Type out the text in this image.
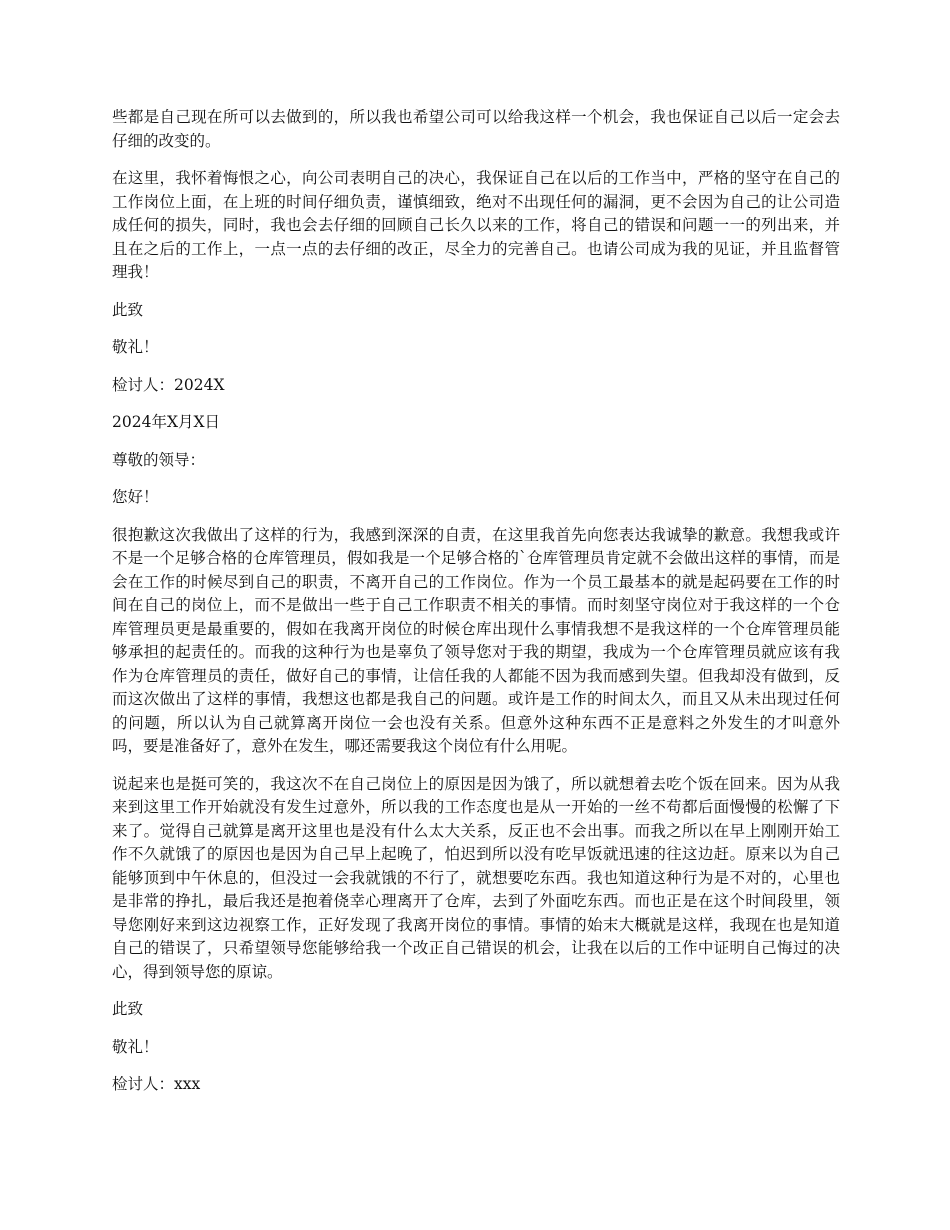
些都是自己现在所可以去做到的，所以我也希望公司可以给我这样一个机会，我也保证自己以后一定会去仔细的改变的。

在这里，我怀着悔恨之心，向公司表明自己的决心，我保证自己在以后的工作当中，严格的坚守在自己的工作岗位上面，在上班的时间仔细负责，谨慎细致，绝对不出现任何的漏洞，更不会因为自己的让公司造成任何的损失，同时，我也会去仔细的回顾自己长久以来的工作，将自己的错误和问题一一的列出来，并且在之后的工作上，一点一点的去仔细的改正，尽全力的完善自己。也请公司成为我的见证，并且监督管理我！

此致

敬礼！

检讨人：2024X

2024年X月X日

尊敬的领导：

您好！

很抱歉这次我做出了这样的行为，我感到深深的自责，在这里我首先向您表达我诚挚的歉意。我想我或许不是一个足够合格的仓库管理员，假如我是一个足够合格的`仓库管理员肯定就不会做出这样的事情，而是会在工作的时候尽到自己的职责，不离开自己的工作岗位。作为一个员工最基本的就是起码要在工作的时间在自己的岗位上，而不是做出一些于自己工作职责不相关的事情。而时刻坚守岗位对于我这样的一个仓库管理员更是最重要的，假如在我离开岗位的时候仓库出现什么事情我想不是我这样的一个仓库管理员能够承担的起责任的。而我的这种行为也是辜负了领导您对于我的期望，我成为一个仓库管理员就应该有我作为仓库管理员的责任，做好自己的事情，让信任我的人都能不因为我而感到失望。但我却没有做到，反而这次做出了这样的事情，我想这也都是我自己的问题。或许是工作的时间太久，而且又从未出现过任何的问题，所以认为自己就算离开岗位一会也没有关系。但意外这种东西不正是意料之外发生的才叫意外吗，要是准备好了，意外在发生，哪还需要我这个岗位有什么用呢。

说起来也是挺可笑的，我这次不在自己岗位上的原因是因为饿了，所以就想着去吃个饭在回来。因为从我来到这里工作开始就没有发生过意外，所以我的工作态度也是从一开始的一丝不苟都后面慢慢的松懈了下来了。觉得自己就算是离开这里也是没有什么太大关系，反正也不会出事。而我之所以在早上刚刚开始工作不久就饿了的原因也是因为自己早上起晚了，怕迟到所以没有吃早饭就迅速的往这边赶。原来以为自己能够顶到中午休息的，但没过一会我就饿的不行了，就想要吃东西。我也知道这种行为是不对的，心里也是非常的挣扎，最后我还是抱着侥幸心理离开了仓库，去到了外面吃东西。而也正是在这个时间段里，领导您刚好来到这边视察工作，正好发现了我离开岗位的事情。事情的始末大概就是这样，我现在也是知道自己的错误了，只希望领导您能够给我一个改正自己错误的机会，让我在以后的工作中证明自己悔过的决心，得到领导您的原谅。

此致

敬礼！

检讨人：xxx
